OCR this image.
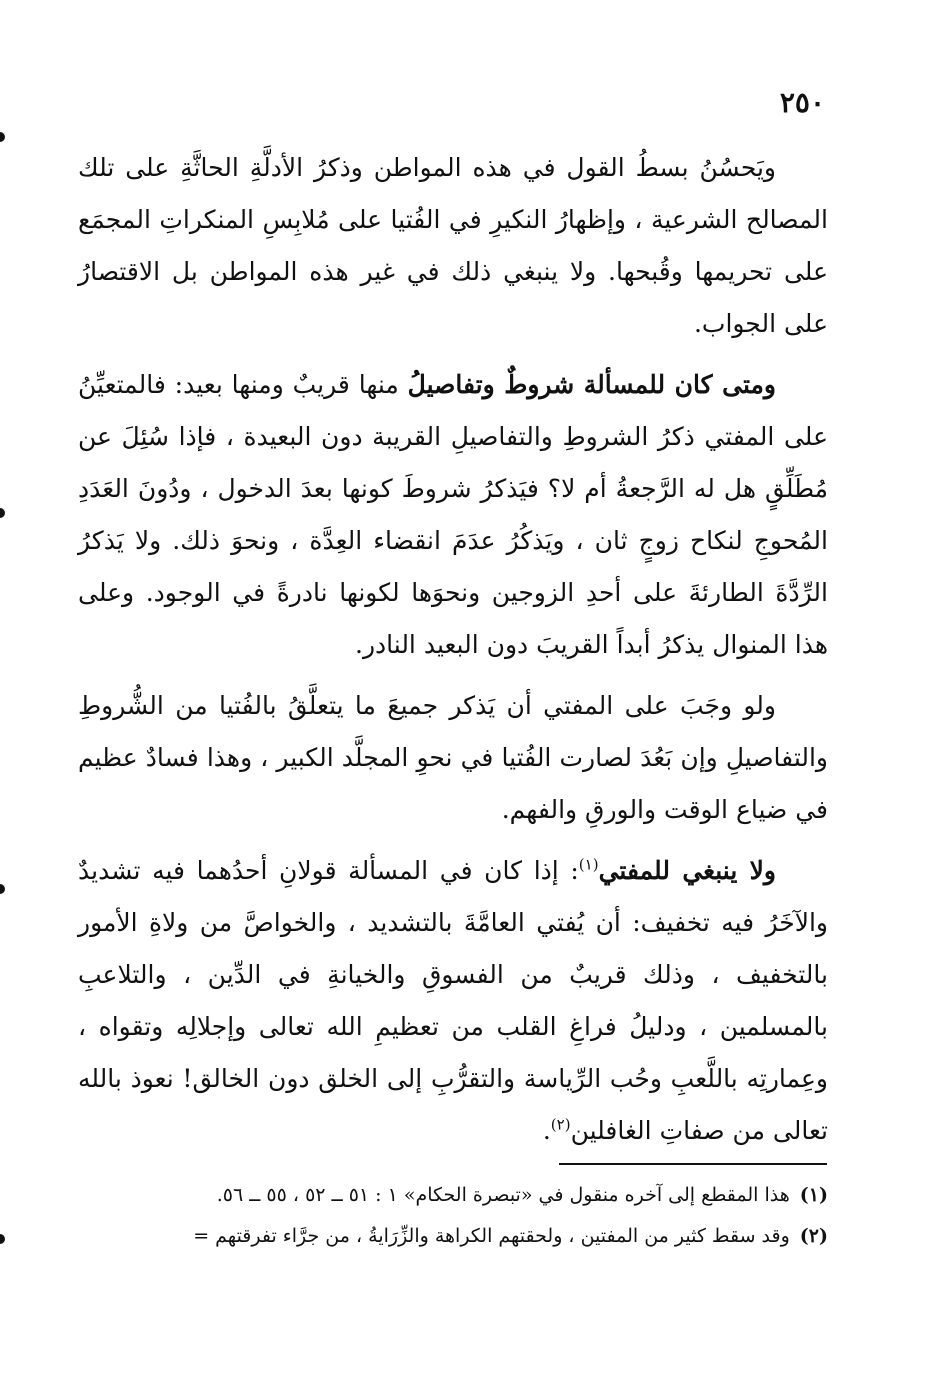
٢٥٠

ويَحسُنُ بسطُ القول في هذه المواطن وذكرُ الأدلَّةِ الحاثَّةِ على تلك المصالح الشرعية ، وإظهارُ النكيرِ في الفُتيا على مُلابِسِ المنكراتِ المجمَع على تحريمها وقُبحها. ولا ينبغي ذلك في غير هذه المواطن بل الاقتصارُ على الجواب.

ومتى كان للمسألة شروطٌ وتفاصيلُ منها قريبٌ ومنها بعيد: فالمتعيِّنُ على المفتي ذكرُ الشروطِ والتفاصيلِ القريبة دون البعيدة ، فإذا سُئِلَ عن مُطَلِّقٍ هل له الرَّجعةُ أم لا؟ فيَذكرُ شروطَ كونها بعدَ الدخول ، ودُونَ العَدَدِ المُحوجِ لنكاح زوجٍ ثان ، ويَذكُرُ عدَمَ انقضاء العِدَّة ، ونحوَ ذلك. ولا يَذكرُ الرِّدَّةَ الطارئةَ على أحدِ الزوجين ونحوَها لكونها نادرةً في الوجود. وعلى هذا المنوال يذكرُ أبداً القريبَ دون البعيد النادر.

ولو وجَبَ على المفتي أن يَذكر جميعَ ما يتعلَّقُ بالفُتيا من الشُّروطِ والتفاصيلِ وإن بَعُدَ لصارت الفُتيا في نحوِ المجلَّد الكبير ، وهذا فسادٌ عظيم في ضياع الوقت والورقِ والفهم.

ولا ينبغي للمفتي$^{(١)}$: إذا كان في المسألة قولانِ أحدُهما فيه تشديدٌ والآخَرُ فيه تخفيف: أن يُفتي العامَّةَ بالتشديد ، والخواصَّ من ولاةِ الأمور بالتخفيف ، وذلك قريبٌ من الفسوقِ والخيانةِ في الدِّين ، والتلاعبِ بالمسلمين ، ودليلُ فراغِ القلب من تعظيمِ الله تعالى وإجلالِه وتقواه ، وعِمارتِه باللَّعبِ وحُب الرِّياسة والتقرُّبِ إلى الخلق دون الخالق! نعوذ بالله تعالى من صفاتِ الغافلين$^{(٢)}$.

(١)هذا المقطع إلى آخره منقول في «تبصرة الحكام» ١ : ٥١ ــ ٥٢ ، ٥٥ ــ ٥٦.

(٢)وقد سقط كثير من المفتين ، ولحقتهم الكراهة والزِّرَايةُ ، من جرَّاء تفرقتهم =
